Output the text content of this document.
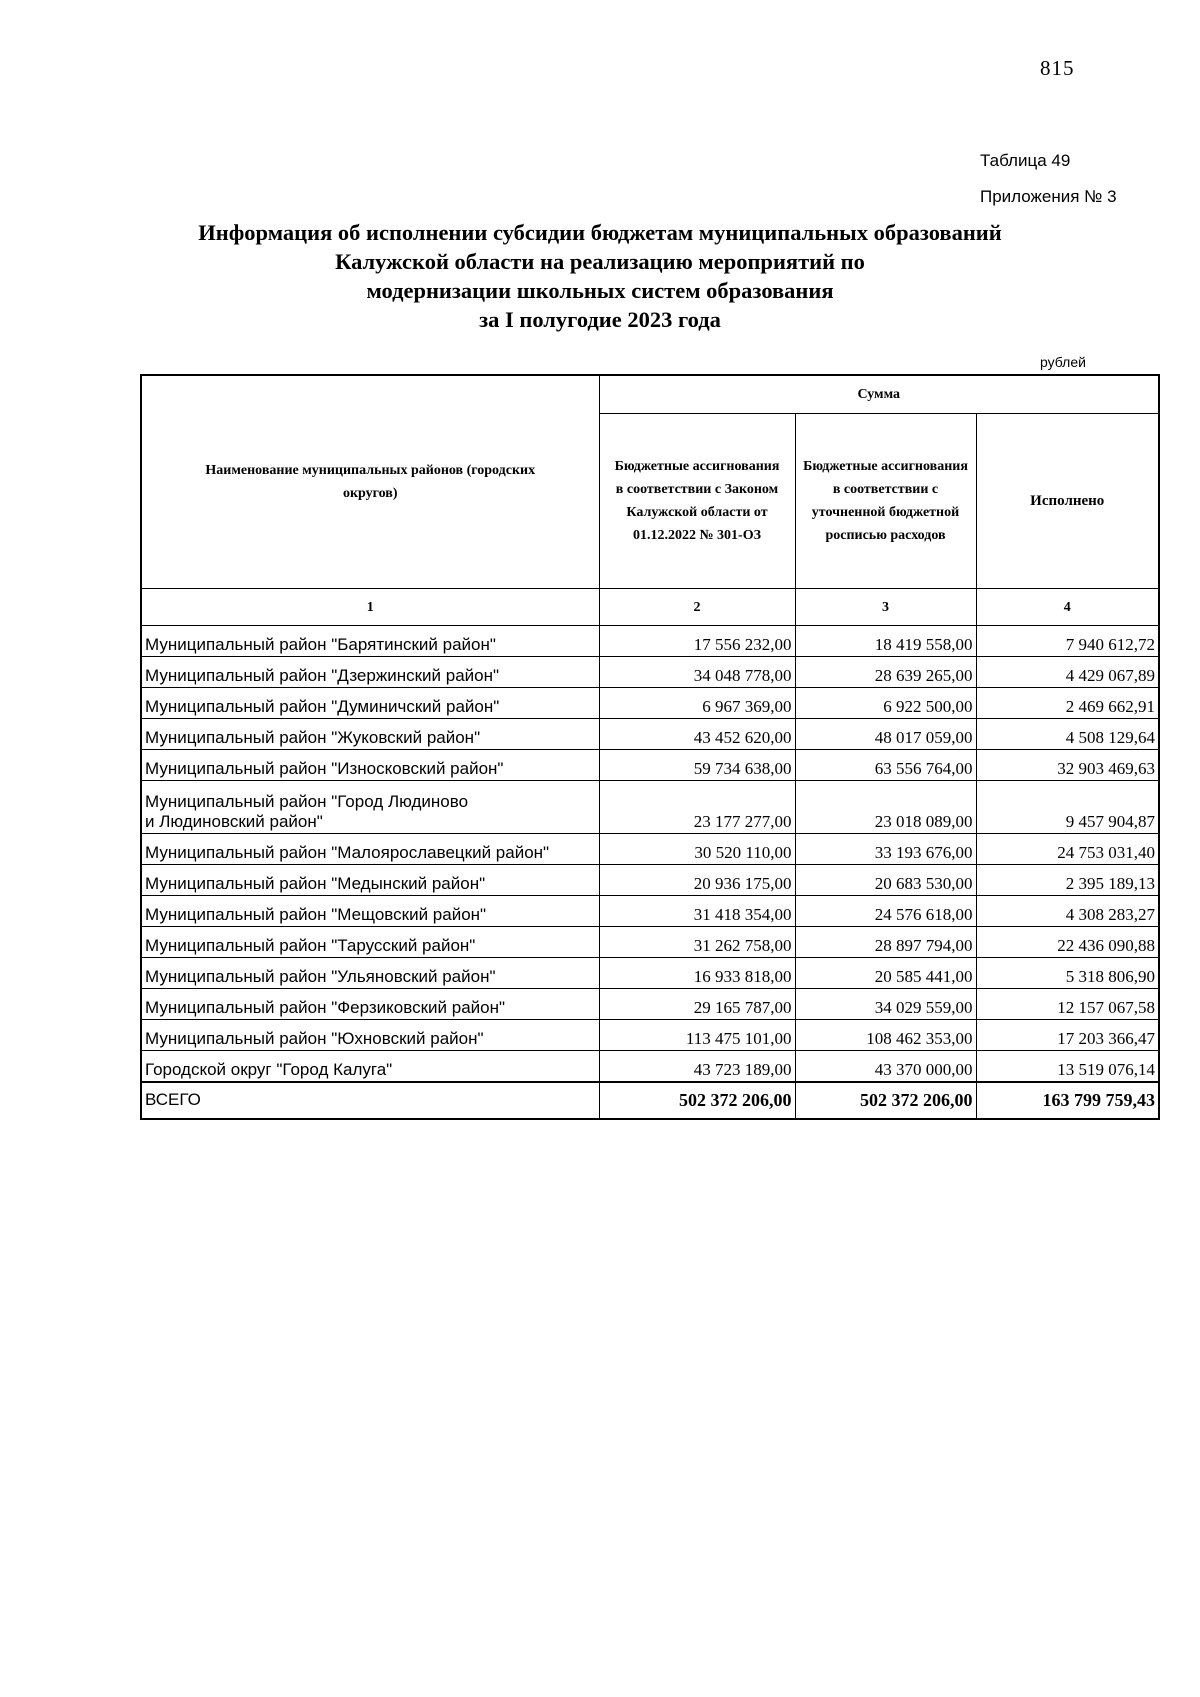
815
Таблица 49
Приложения № 3
Информация об исполнении субсидии бюджетам муниципальных образований
Калужской области на реализацию мероприятий по
модернизации школьных систем образования
за I полугодие 2023 года
рублей
Наименование муниципальных районов (городских округов)	Сумма		
	Бюджетные ассигнования в соответствии с Законом Калужской области от 01.12.2022 № 301-ОЗ	Бюджетные ассигнования в соответствии с уточненной бюджетной росписью расходов	Исполнено
1	2	3	4
Муниципальный район "Барятинский район"	17 556 232,00	18 419 558,00	7 940 612,72
Муниципальный район "Дзержинский район"	34 048 778,00	28 639 265,00	4 429 067,89
Муниципальный район "Думиничский район"	6 967 369,00	6 922 500,00	2 469 662,91
Муниципальный район "Жуковский район"	43 452 620,00	48 017 059,00	4 508 129,64
Муниципальный район "Износковский район"	59 734 638,00	63 556 764,00	32 903 469,63
Муниципальный район "Город Людиново и Людиновский район"	23 177 277,00	23 018 089,00	9 457 904,87
Муниципальный район "Малоярославецкий район"	30 520 110,00	33 193 676,00	24 753 031,40
Муниципальный район "Медынский район"	20 936 175,00	20 683 530,00	2 395 189,13
Муниципальный район "Мещовский район"	31 418 354,00	24 576 618,00	4 308 283,27
Муниципальный район "Тарусский район"	31 262 758,00	28 897 794,00	22 436 090,88
Муниципальный район "Ульяновский район"	16 933 818,00	20 585 441,00	5 318 806,90
Муниципальный район "Ферзиковский район"	29 165 787,00	34 029 559,00	12 157 067,58
Муниципальный район "Юхновский район"	113 475 101,00	108 462 353,00	17 203 366,47
Городской округ "Город Калуга"	43 723 189,00	43 370 000,00	13 519 076,14
ВСЕГО	502 372 206,00	502 372 206,00	163 799 759,43
